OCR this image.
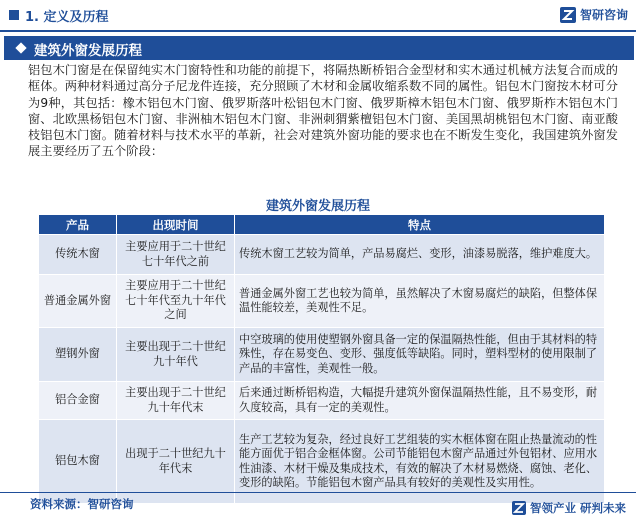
1. 定义及历程	智研咨询
建筑外窗发展历程
铝包木门窗是在保留纯实木门窗特性和功能的前提下，将隔热断桥铝合金型材和实木通过机械方法复合而成的框体。两种材料通过高分子尼龙件连接，充分照顾了木材和金属收缩系数不同的属性。铝包木门窗按木材可分为9种，其包括：橡木铝包木门窗、俄罗斯落叶松铝包木门窗、俄罗斯樟木铝包木门窗、俄罗斯柞木铝包木门窗、北欧黑杨铝包木门窗、非洲柚木铝包木门窗、非洲刺猬紫檀铝包木门窗、美国黑胡桃铝包木门窗、南亚酸枝铝包木门窗。随着材料与技术水平的革新，社会对建筑外窗功能的要求也在不断发生变化，我国建筑外窗发展主要经历了五个阶段：
建筑外窗发展历程
产品	出现时间	特点
传统木窗	主要应用于二十世纪七十年代之前	传统木窗工艺较为简单，产品易腐烂、变形，油漆易脱落，维护难度大。
普通金属外窗	主要应用于二十世纪七十年代至九十年代之间	普通金属外窗工艺也较为简单，虽然解决了木窗易腐烂的缺陷，但整体保温性能较差，美观性不足。
塑钢外窗	主要出现于二十世纪九十年代	中空玻璃的使用使塑钢外窗具备一定的保温隔热性能，但由于其材料的特殊性，存在易变色、变形、强度低等缺陷。同时，塑料型材的使用限制了产品的丰富性，美观性一般。
铝合金窗	主要出现于二十世纪九十年代末	后来通过断桥铝构造，大幅提升建筑外窗保温隔热性能，且不易变形，耐久度较高，具有一定的美观性。
铝包木窗	出现于二十世纪九十年代末	生产工艺较为复杂，经过良好工艺组装的实木框体窗在阻止热量流动的性能方面优于铝合金框体窗。公司节能铝包木窗产品通过外包铝材、应用水性油漆、木材干燥及集成技术，有效的解决了木材易燃烧、腐蚀、老化、变形的缺陷。节能铝包木窗产品具有较好的美观性及实用性。
资料来源：智研咨询	智领产业 研判未来
